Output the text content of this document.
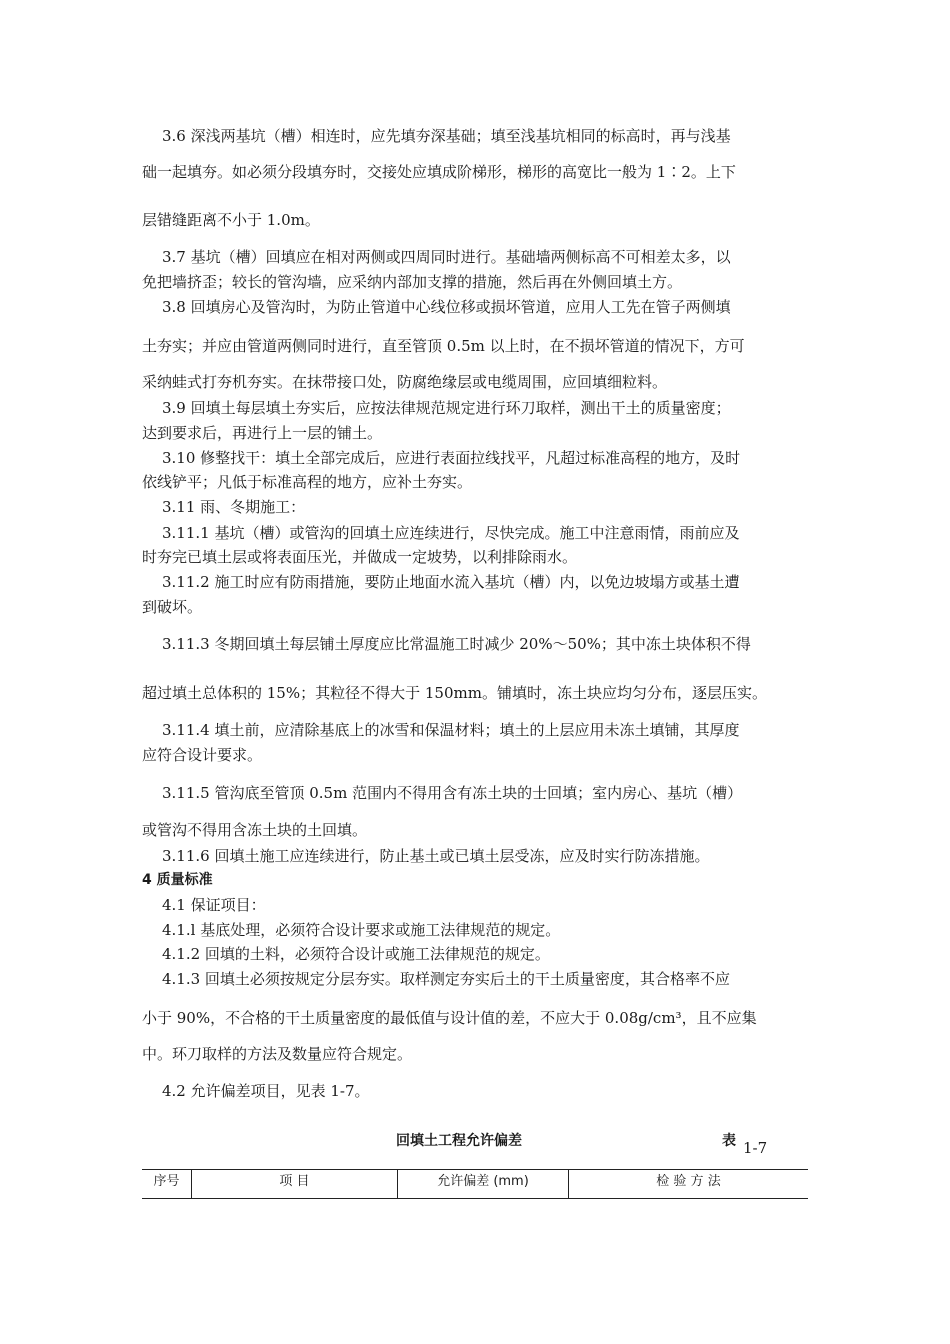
3.6 深浅两基坑（槽）相连时，应先填夯深基础；填至浅基坑相同的标高时，再与浅基
础一起填夯。如必须分段填夯时，交接处应填成阶梯形，梯形的高宽比一般为 1∶2。上下
层错缝距离不小于 1.0m。
3.7 基坑（槽）回填应在相对两侧或四周同时进行。基础墙两侧标高不可相差太多，以
免把墙挤歪；较长的管沟墙，应采纳内部加支撑的措施，然后再在外侧回填土方。
3.8 回填房心及管沟时，为防止管道中心线位移或损坏管道，应用人工先在管子两侧填
土夯实；并应由管道两侧同时进行，直至管顶 0.5m 以上时，在不损坏管道的情况下，方可
采纳蛙式打夯机夯实。在抹带接口处，防腐绝缘层或电缆周围，应回填细粒料。
3.9 回填土每层填土夯实后，应按法律规范规定进行环刀取样，测出干土的质量密度；
达到要求后，再进行上一层的铺土。
3.10 修整找干：填土全部完成后，应进行表面拉线找平，凡超过标准高程的地方，及时
依线铲平；凡低于标准高程的地方，应补土夯实。
3.11 雨、冬期施工：
3.11.1 基坑（槽）或管沟的回填土应连续进行，尽快完成。施工中注意雨情，雨前应及
时夯完已填土层或将表面压光，并做成一定坡势，以利排除雨水。
3.11.2 施工时应有防雨措施，要防止地面水流入基坑（槽）内，以免边坡塌方或基土遭
到破坏。
3.11.3 冬期回填土每层铺土厚度应比常温施工时减少 20%～50%；其中冻土块体积不得
超过填土总体积的 15%；其粒径不得大于 150mm。铺填时，冻土块应均匀分布，逐层压实。
3.11.4 填土前，应清除基底上的冰雪和保温材料；填土的上层应用未冻土填铺，其厚度
应符合设计要求。
3.11.5 管沟底至管顶 0.5m 范围内不得用含有冻土块的士回填；室内房心、基坑（槽）
或管沟不得用含冻土块的土回填。
3.11.6 回填土施工应连续进行，防止基土或已填土层受冻，应及时实行防冻措施。
4 质量标准
4.1 保证项目：
4.1.l 基底处理，必须符合设计要求或施工法律规范的规定。
4.1.2 回填的土料，必须符合设计或施工法律规范的规定。
4.1.3 回填土必须按规定分层夯实。取样测定夯实后土的干土质量密度，其合格率不应
小于 90%，不合格的干土质量密度的最低值与设计值的差，不应大于 0.08g/cm³，且不应集
中。环刀取样的方法及数量应符合规定。
4.2 允许偏差项目，见表 1-7。
回填土工程允许偏差	表 1-7
序号	项 目	允许偏差 (mm)	检 验 方 法
